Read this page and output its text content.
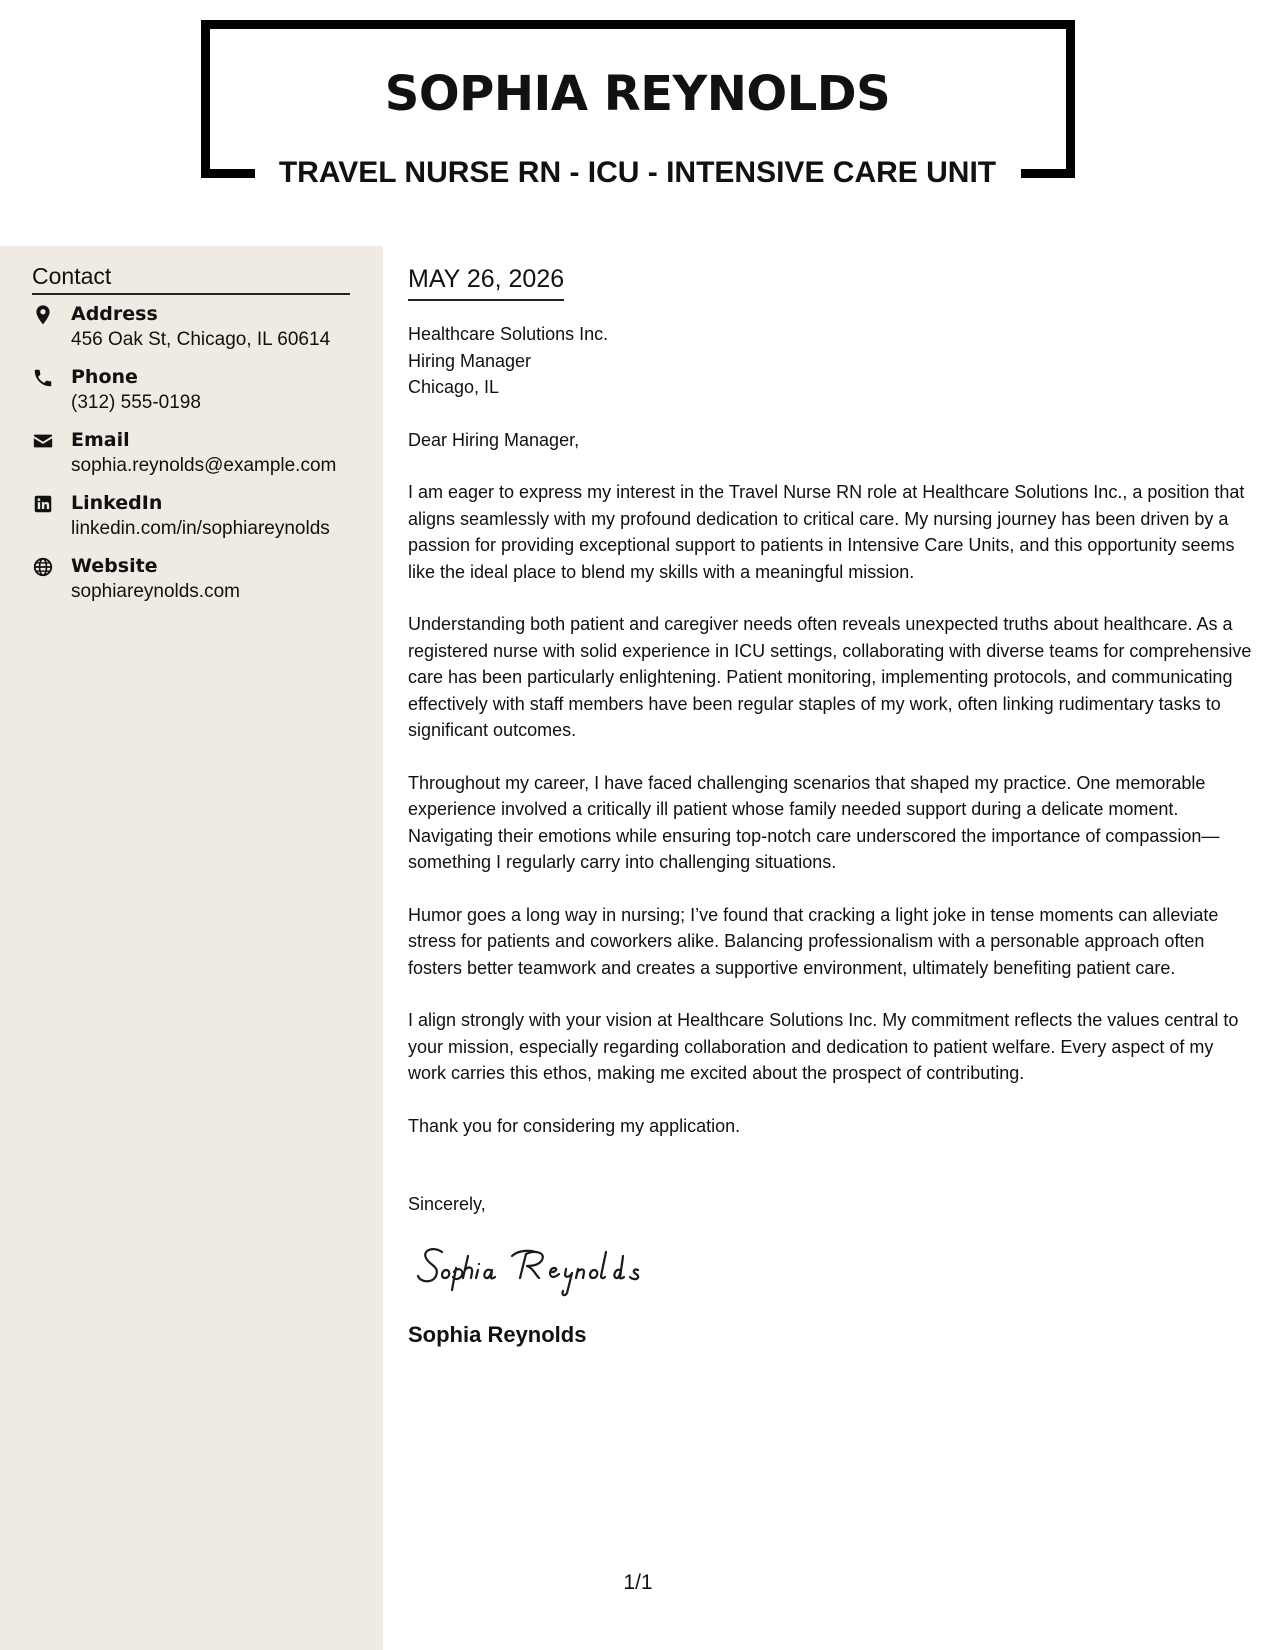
SOPHIA REYNOLDS
TRAVEL NURSE RN - ICU - INTENSIVE CARE UNIT
Contact
Address
456 Oak St, Chicago, IL 60614
Phone
(312) 555-0198
Email
sophia.reynolds@example.com
LinkedIn
linkedin.com/in/sophiareynolds
Website
sophiareynolds.com
MAY 26, 2026

Healthcare Solutions Inc.

Hiring Manager

Chicago, IL

Dear Hiring Manager,

I am eager to express my interest in the Travel Nurse RN role at Healthcare Solutions Inc., a position that aligns seamlessly with my profound dedication to critical care. My nursing journey has been driven by a passion for providing exceptional support to patients in Intensive Care Units, and this opportunity seems like the ideal place to blend my skills with a meaningful mission.

Understanding both patient and caregiver needs often reveals unexpected truths about healthcare. As a registered nurse with solid experience in ICU settings, collaborating with diverse teams for comprehensive care has been particularly enlightening. Patient monitoring, implementing protocols, and communicating effectively with staff members have been regular staples of my work, often linking rudimentary tasks to significant outcomes.

Throughout my career, I have faced challenging scenarios that shaped my practice. One memorable experience involved a critically ill patient whose family needed support during a delicate moment. Navigating their emotions while ensuring top-notch care underscored the importance of compassion—something I regularly carry into challenging situations.

Humor goes a long way in nursing; I’ve found that cracking a light joke in tense moments can alleviate stress for patients and coworkers alike. Balancing professionalism with a personable approach often fosters better teamwork and creates a supportive environment, ultimately benefiting patient care.

I align strongly with your vision at Healthcare Solutions Inc. My commitment reflects the values central to your mission, especially regarding collaboration and dedication to patient welfare. Every aspect of my work carries this ethos, making me excited about the prospect of contributing.

Thank you for considering my application.

Sincerely,

Sophia Reynolds

1/1
